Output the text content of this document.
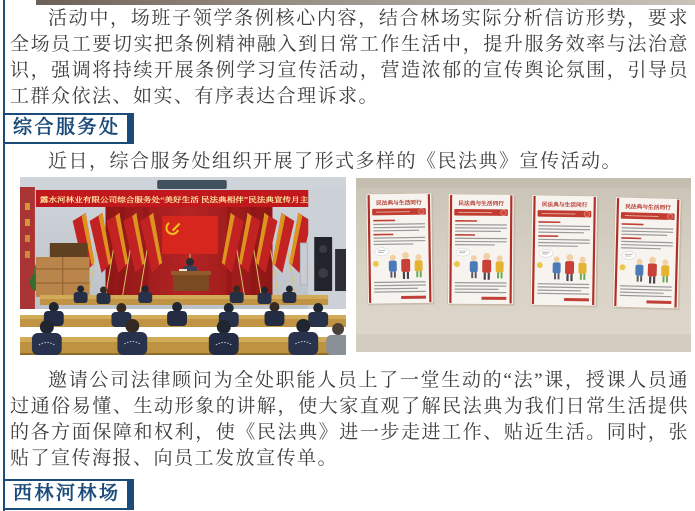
活动中，场班子领学条例核心内容，结合林场实际分析信访形势，要求全场员工要切实把条例精神融入到日常工作生活中，提升服务效率与法治意识，强调将持续开展条例学习宣传活动，营造浓郁的宣传舆论氛围，引导员工群众依法、如实、有序表达合理诉求。

综合服务处

近日，综合服务处组织开展了形式多样的《民法典》宣传活动。

露水河林业有限公司综合服务处“美好生活 民法典相伴”民法典宣传月主题活动

邀请公司法律顾问为全处职能人员上了一堂生动的“法”课，授课人员通过通俗易懂、生动形象的讲解，使大家直观了解民法典为我们日常生活提供的各方面保障和权利，使《民法典》进一步走进工作、贴近生活。同时，张贴了宣传海报、向员工发放宣传单。

西林河林场
